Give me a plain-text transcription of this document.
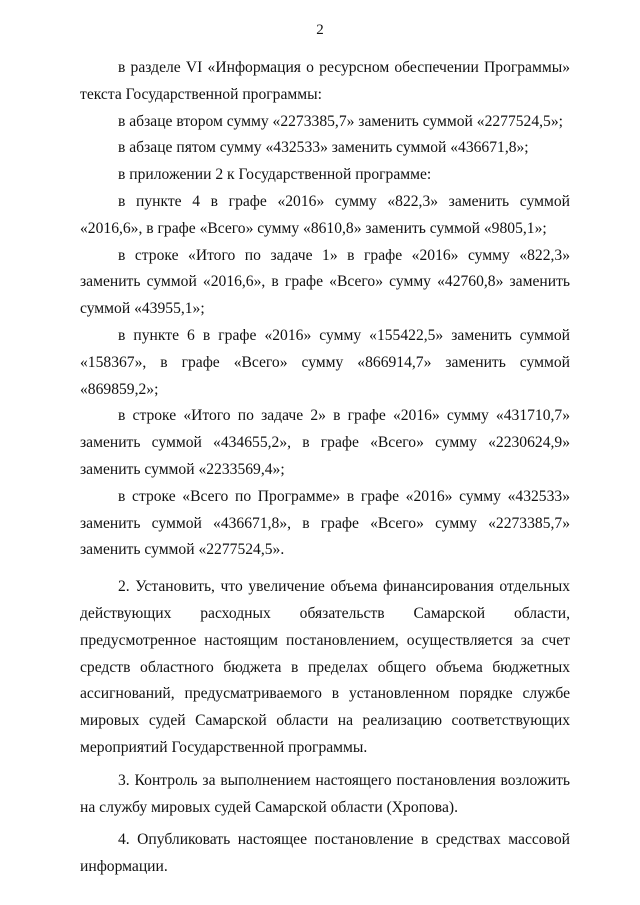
2

в разделе VI «Информация о ресурсном обеспечении Программы» текста Государственной программы:

в абзаце втором сумму «2273385,7» заменить суммой «2277524,5»;

в абзаце пятом сумму «432533» заменить суммой «436671,8»;

в приложении 2 к Государственной программе:

в пункте 4 в графе «2016» сумму «822,3» заменить суммой «2016,6», в графе «Всего» сумму «8610,8» заменить суммой «9805,1»;

в строке «Итого по задаче 1» в графе «2016» сумму «822,3» заменить суммой «2016,6», в графе «Всего» сумму «42760,8» заменить суммой «43955,1»;

в пункте 6 в графе «2016» сумму «155422,5» заменить суммой «158367», в графе «Всего» сумму «866914,7» заменить суммой «869859,2»;

в строке «Итого по задаче 2» в графе «2016» сумму «431710,7» заменить суммой «434655,2», в графе «Всего» сумму «2230624,9» заменить суммой «2233569,4»;

в строке «Всего по Программе» в графе «2016» сумму «432533» заменить суммой «436671,8», в графе «Всего» сумму «2273385,7» заменить суммой «2277524,5».

2. Установить, что увеличение объема финансирования отдельных действующих расходных обязательств Самарской области, предусмотренное настоящим постановлением, осуществляется за счет средств областного бюджета в пределах общего объема бюджетных ассигнований, предусматриваемого в установленном порядке службе мировых судей Самарской области на реализацию соответствующих мероприятий Государственной программы.

3. Контроль за выполнением настоящего постановления возложить на службу мировых судей Самарской области (Хропова).

4. Опубликовать настоящее постановление в средствах массовой информации.
